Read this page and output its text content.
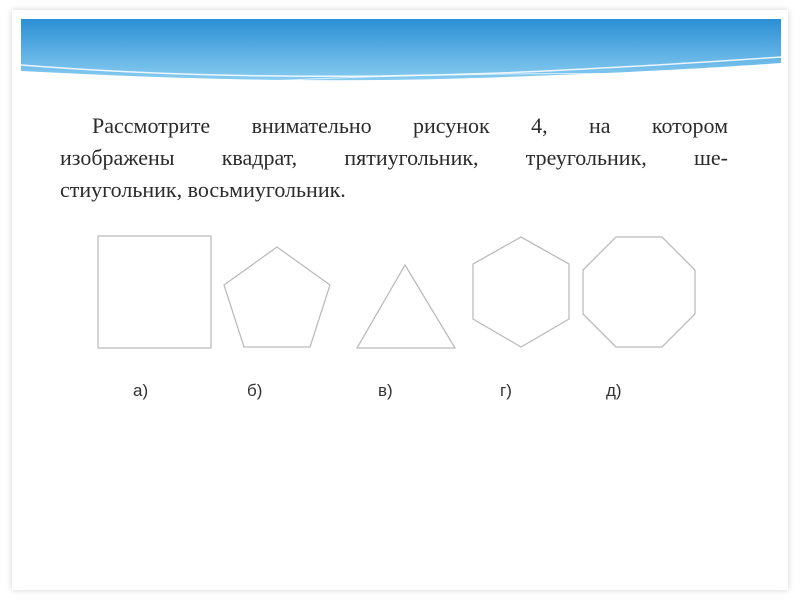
Рассмотрите внимательно рисунок 4, на котором
изображены квадрат, пятиугольник, треугольник, ше-
стиугольник, восьмиугольник.
а)	б)	в)	г)	д)
